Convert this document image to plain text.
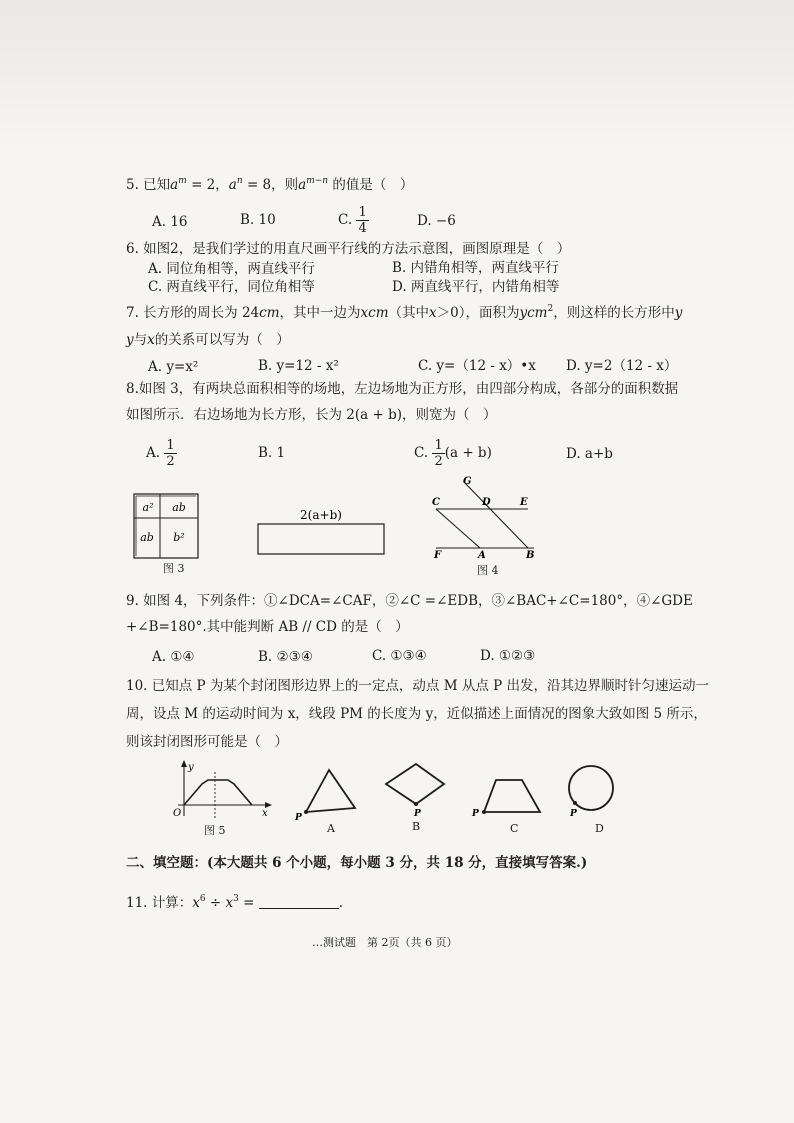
5. 已知$a^m = 2$，$a^n = 8$，则$a^{m-n}$ 的值是（　）
A. 16	B. 10	C. $\frac{1}{4}$	D. −6
6. 如图2，是我们学过的用直尺画平行线的方法示意图，画图原理是（　）
A. 同位角相等，两直线平行	B. 内错角相等，两直线平行
C. 两直线平行，同位角相等	D. 两直线平行，内错角相等
7. 长方形的周长为 24cm，其中一边为xcm（其中x＞0），面积为ycm$^2$，则这样的长方形中y
y与x的关系可以写为（　）
A. y=x²	B. y=12 - x²	C. y=（12 - x）•x D. y=2（12 - x）
8.如图 3，有两块总面积相等的场地，左边场地为正方形，由四部分构成，各部分的面积数据
如图所示．右边场地为长方形，长为 2(a + b)，则宽为（　）
A. $\frac{1}{2}$	B. 1	C. $\frac{1}{2} (a + b)$	D. a+b
a² ab
ab b²
2(a+b)
图 3
G
C	D	E
F	A	B
图 4
9. 如图 4，下列条件：①∠DCA=∠CAF，②∠C =∠EDB，③∠BAC+∠C=180°，④∠GDE
+∠B=180°.其中能判断 AB // CD 的是（　）
A. ①④	B. ②③④	C. ①③④	D. ①②③
10. 已知点 P 为某个封闭图形边界上的一定点，动点 M 从点 P 出发，沿其边界顺时针匀速运动一
周，设点 M 的运动时间为 x，线段 PM 的长度为 y，近似描述上面情况的图象大致如图 5 所示，
则该封闭图形可能是（　）
y
x
O
图 5
P
A
P
B
P
C
P
D
二、填空题：(本大题共 6 个小题，每小题 3 分，共 18 分，直接填写答案.)
11. 计算：$x^6 \div x^3$ =	.
…测试题　第 2页（共 6 页）
